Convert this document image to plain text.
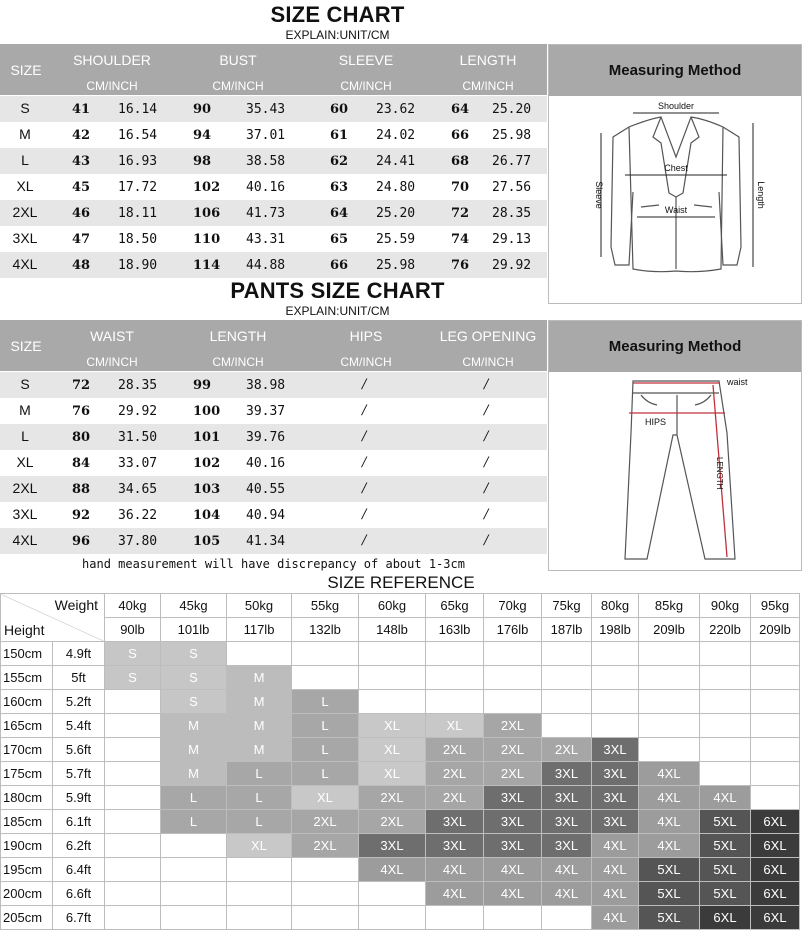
SIZE CHART
EXPLAIN:UNIT/CM
SIZE
SHOULDER	BUST	SLEEVE	LENGTH
CM/INCH	CM/INCH	CM/INCH	CM/INCH
S	41 16.14	90	35.43	60 23.62	64 25.20
M	42 16.54	94	37.01	61 24.02	66 25.98
L	43 16.93	98	38.58	62 24.41	68 26.77
XL	45 17.72	102 40.16	63 24.80	70 27.56
2XL	46 18.11	106 41.73	64 25.20	72 28.35
3XL	47 18.50	110 43.31	65 25.59	74 29.13
4XL	48 18.90	114 44.88	66 25.98	76 29.92
Measuring Method
Shoulder
Chest
Waist
Sleeve	Length
PANTS SIZE CHART
EXPLAIN:UNIT/CM
SIZE
WAIST	LENGTH	HIPS	LEG OPENING
CM/INCH	CM/INCH	CM/INCH	CM/INCH
S	72 28.35	99	38.98	/	/
M	76 29.92	100 39.37	/	/
L	80 31.50	101 39.76	/	/
XL	84 33.07	102 40.16	/	/
2XL	88 34.65	103 40.55	/	/
3XL	92 36.22	104 40.94	/	/
4XL	96 37.80	105 41.34	/	/
Measuring Method
waist
HIPS
LENGTH
hand measurement will have discrepancy of about 1-3cm
SIZE REFERENCE
Weight
Height		40kg	45kg	50kg	55kg	60kg	65kg	70kg	75kg	80kg	85kg	90kg	95kg
		90lb	101lb	117lb	132lb	148lb	163lb	176lb	187lb	198lb	209lb	220lb	209lb
150cm	4.9ft	S	S										
155cm	5ft	S	S	M									
160cm	5.2ft		S	M	L								
165cm	5.4ft		M	M	L	XL	XL	2XL					
170cm	5.6ft		M	M	L	XL	2XL	2XL	2XL	3XL			
175cm	5.7ft		M	L	L	XL	2XL	2XL	3XL	3XL	4XL		
180cm	5.9ft		L	L	XL	2XL	2XL	3XL	3XL	3XL	4XL	4XL	
185cm	6.1ft		L	L	2XL	2XL	3XL	3XL	3XL	3XL	4XL	5XL	6XL
190cm	6.2ft			XL	2XL	3XL	3XL	3XL	3XL	4XL	4XL	5XL	6XL
195cm	6.4ft					4XL	4XL	4XL	4XL	4XL	5XL	5XL	6XL
200cm	6.6ft						4XL	4XL	4XL	4XL	5XL	5XL	6XL
205cm	6.7ft									4XL	5XL	6XL	6XL
